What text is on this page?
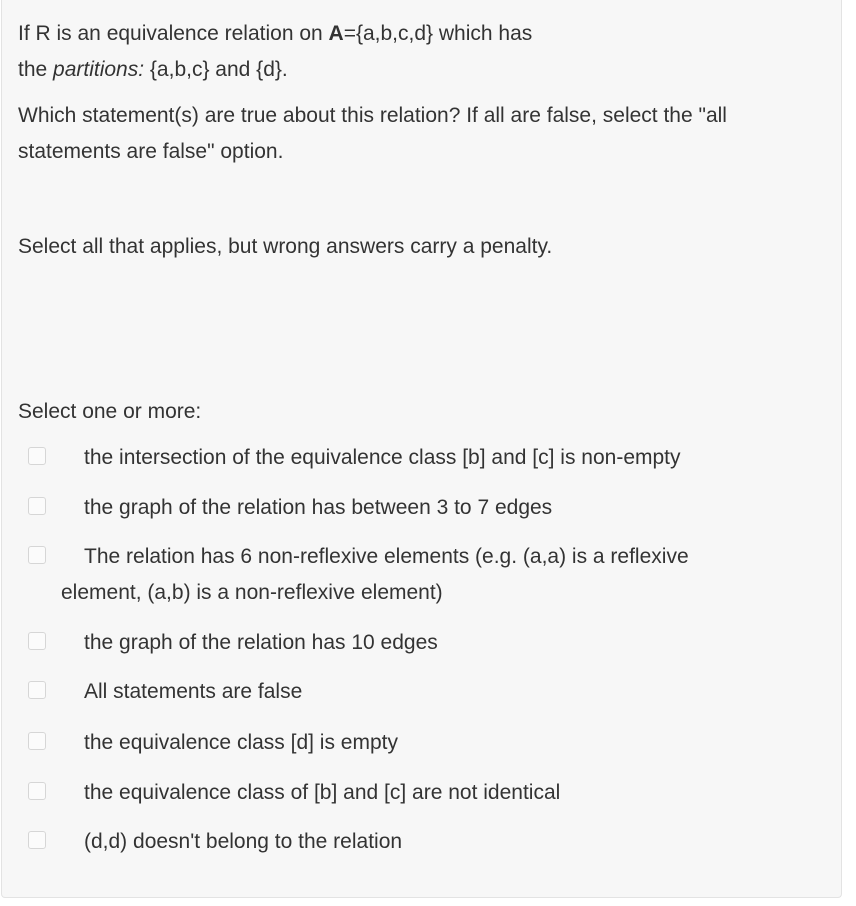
If R is an equivalence relation on A={a,b,c,d} which has
the partitions: {a,b,c} and {d}.
Which statement(s) are true about this relation? If all are false, select the "all
statements are false" option.
Select all that applies, but wrong answers carry a penalty.
Select one or more:
the intersection of the equivalence class [b] and [c] is non-empty
the graph of the relation has between 3 to 7 edges
The relation has 6 non-reflexive elements (e.g. (a,a) is a reflexive
element, (a,b) is a non-reflexive element)
the graph of the relation has 10 edges
All statements are false
the equivalence class [d] is empty
the equivalence class of [b] and [c] are not identical
(d,d) doesn't belong to the relation
